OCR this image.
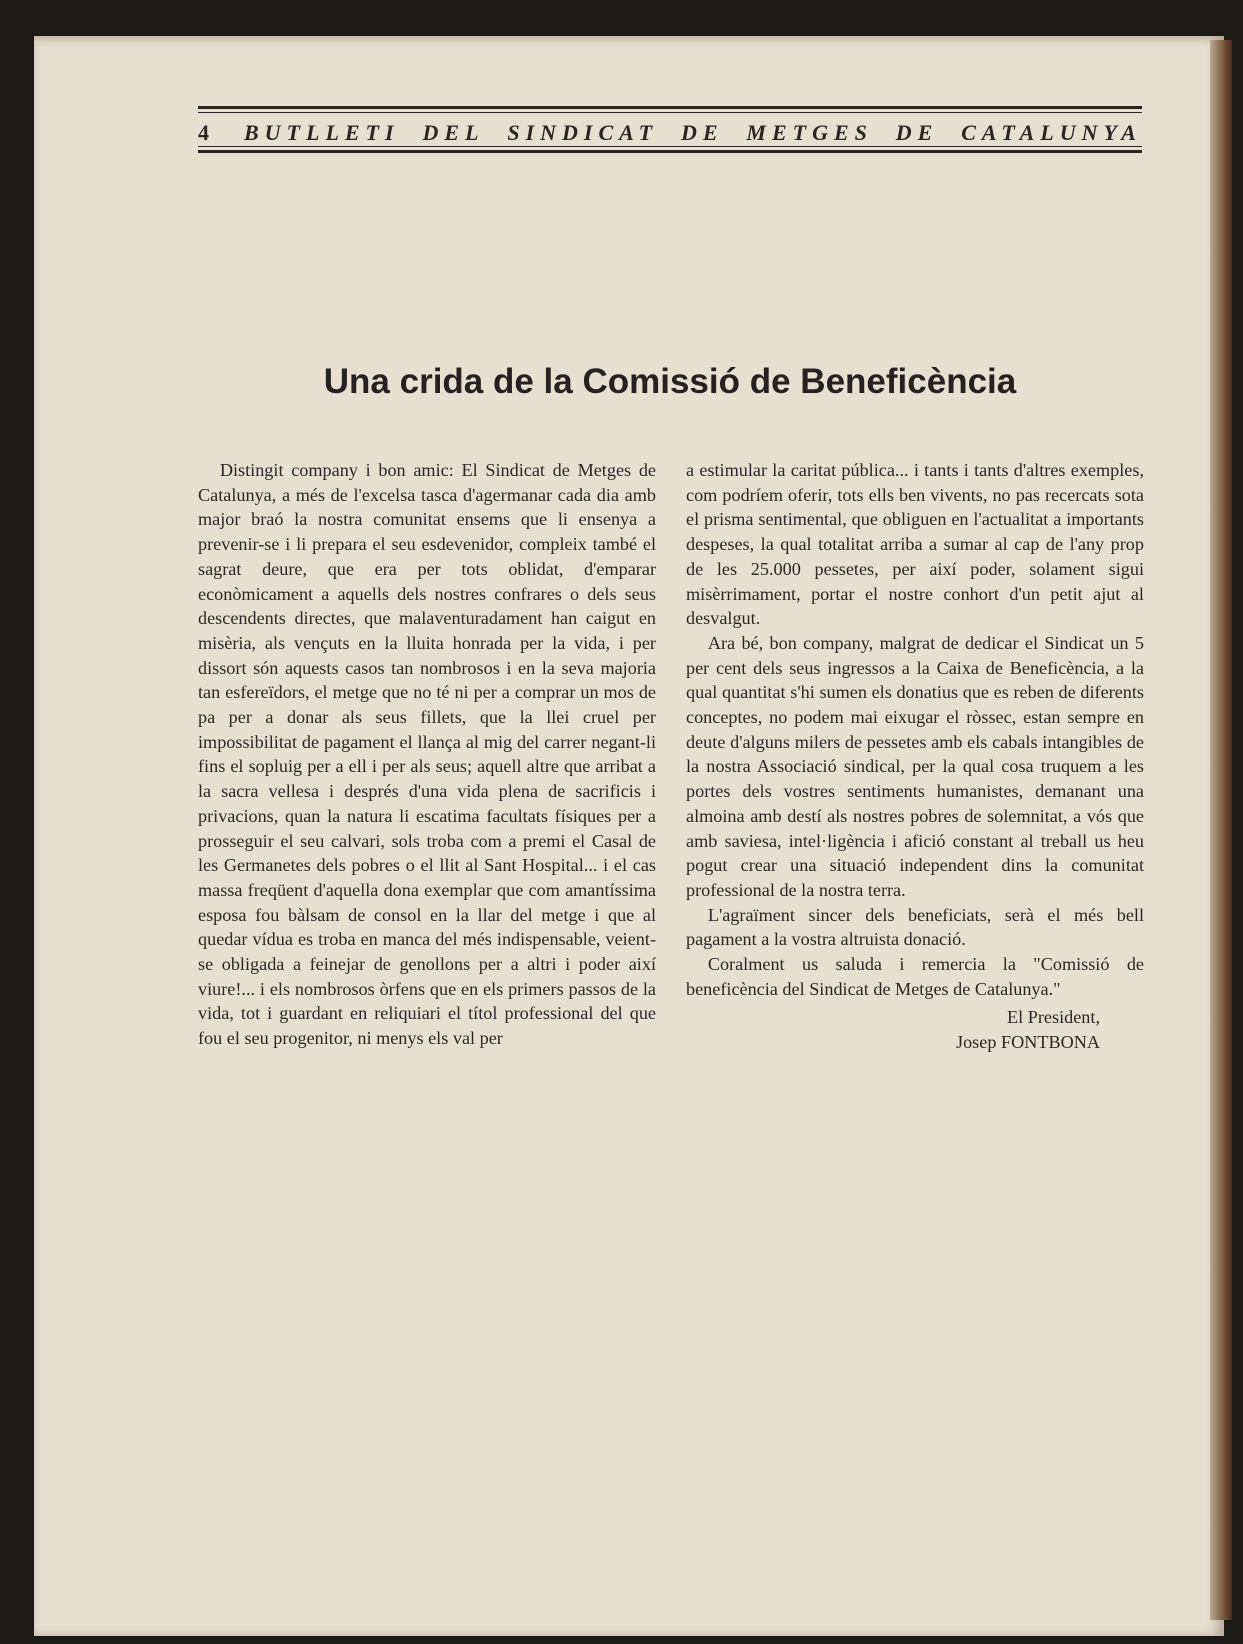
4 BUTLLETI DEL SINDICAT DE METGES DE CATALUNYA
Una crida de la Comissió de Beneficència

Distingit company i bon amic: El Sindicat de Metges de Catalunya, a més de l'excelsa tasca d'agermanar cada dia amb major braó la nostra comunitat ensems que li ensenya a prevenir-se i li prepara el seu esdevenidor, compleix també el sagrat deure, que era per tots oblidat, d'emparar econòmicament a aquells dels nostres confrares o dels seus descendents directes, que malaventuradament han caigut en misèria, als vençuts en la lluita honrada per la vida, i per dissort són aquests casos tan nombrosos i en la seva majoria tan esfereïdors, el metge que no té ni per a comprar un mos de pa per a donar als seus fillets, que la llei cruel per impossibilitat de pagament el llança al mig del carrer negant-li fins el sopluig per a ell i per als seus; aquell altre que arribat a la sacra vellesa i després d'una vida plena de sacrificis i privacions, quan la natura li escatima facultats físiques per a prosseguir el seu calvari, sols troba com a premi el Casal de les Germanetes dels pobres o el llit al Sant Hospital... i el cas massa freqüent d'aquella dona exemplar que com amantíssima esposa fou bàlsam de consol en la llar del metge i que al quedar vídua es troba en manca del més indispensable, veient-se obligada a feinejar de genollons per a altri i poder així viure!... i els nombrosos òrfens que en els primers passos de la vida, tot i guardant en reliquiari el títol professional del que fou el seu progenitor, ni menys els val per

a estimular la caritat pública... i tants i tants d'altres exemples, com podríem oferir, tots ells ben vivents, no pas recercats sota el prisma sentimental, que obliguen en l'actualitat a importants despeses, la qual totalitat arriba a sumar al cap de l'any prop de les 25.000 pessetes, per així poder, solament sigui misèrrimament, portar el nostre conhort d'un petit ajut al desvalgut.

Ara bé, bon company, malgrat de dedicar el Sindicat un 5 per cent dels seus ingressos a la Caixa de Beneficència, a la qual quantitat s'hi sumen els donatius que es reben de diferents conceptes, no podem mai eixugar el ròssec, estan sempre en deute d'alguns milers de pessetes amb els cabals intangibles de la nostra Associació sindical, per la qual cosa truquem a les portes dels vostres sentiments humanistes, demanant una almoina amb destí als nostres pobres de solemnitat, a vós que amb saviesa, intel·ligència i afició constant al treball us heu pogut crear una situació independent dins la comunitat professional de la nostra terra.

L'agraïment sincer dels beneficiats, serà el més bell pagament a la vostra altruista donació.

Coralment us saluda i remercia la "Comissió de beneficència del Sindicat de Metges de Catalunya."

El President,
Josep FONTBONA
